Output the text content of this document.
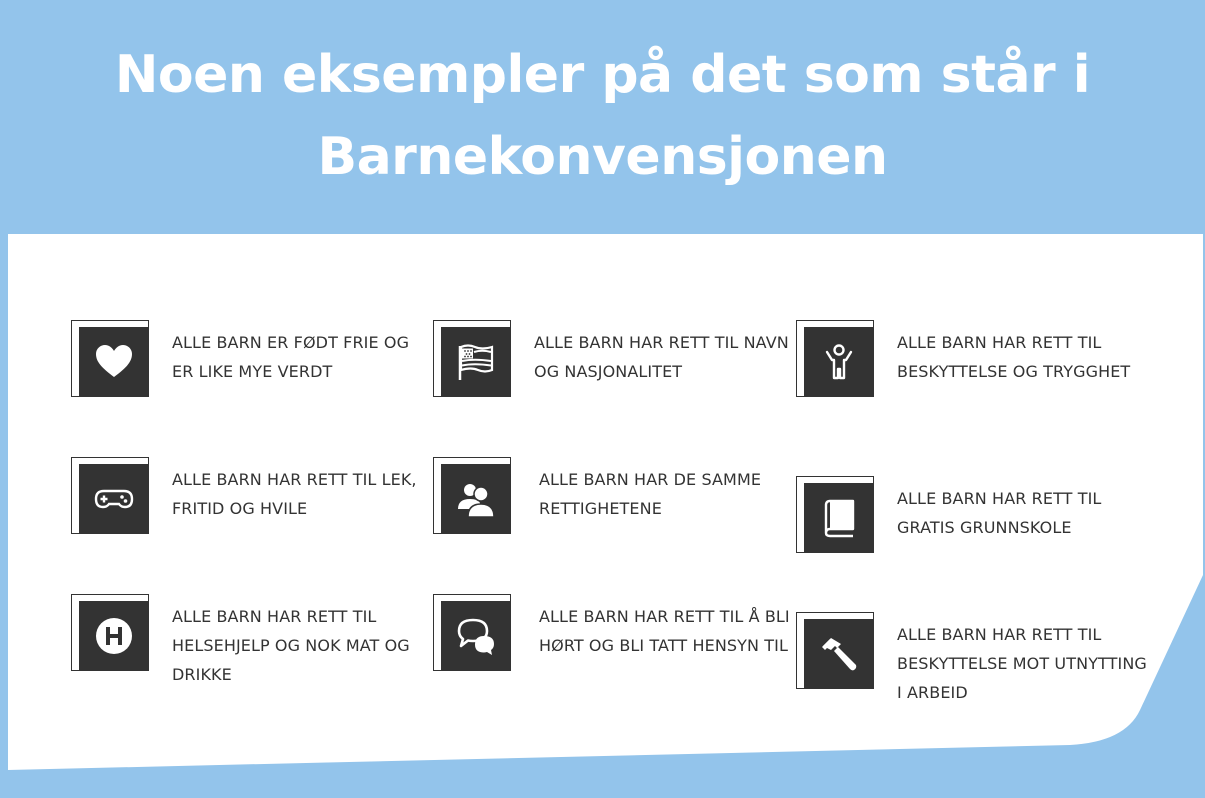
Noen eksempler på det som står i
Barnekonvensjonen
ALLE BARN ER FØDT FRIE OG ER LIKE MYE VERDT
ALLE BARN HAR RETT TIL NAVN OG NASJONALITET
ALLE BARN HAR RETT TIL BESKYTTELSE OG TRYGGHET
ALLE BARN HAR RETT TIL LEK, FRITID OG HVILE
ALLE BARN HAR DE SAMME RETTIGHETENE
ALLE BARN HAR RETT TIL GRATIS GRUNNSKOLE
ALLE BARN HAR RETT TIL HELSEHJELP OG NOK MAT OG DRIKKE
ALLE BARN HAR RETT TIL Å BLI HØRT OG BLI TATT HENSYN TIL
ALLE BARN HAR RETT TIL BESKYTTELSE MOT UTNYTTING I ARBEID
